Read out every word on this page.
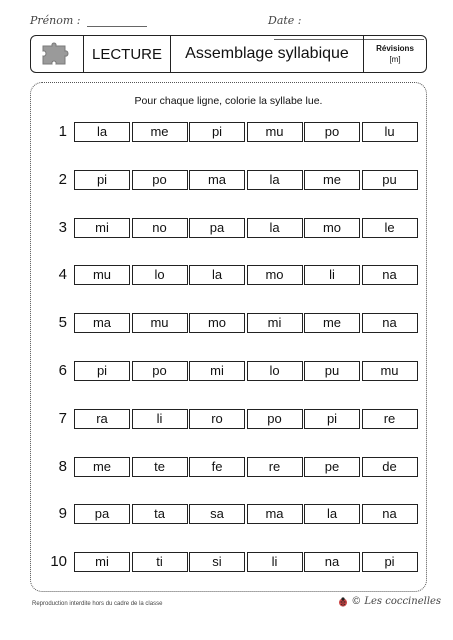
Prénom :	Date :
LECTURE	Assemblage syllabique	Révisions
[m]
Pour chaque ligne, colorie la syllabe lue.
1	la	me	pi	mu	po	lu
2	pi	po	ma	la	me	pu
3	mi	no	pa	la	mo	le
4	mu	lo	la	mo	li	na
5	ma	mu	mo	mi	me	na
6	pi	po	mi	lo	pu	mu
7	ra	li	ro	po	pi	re
8	me	te	fe	re	pe	de
9	pa	ta	sa	ma	la	na
10	mi	ti	si	li	na	pi
Reproduction interdite hors du cadre de la classe	© Les coccinelles
